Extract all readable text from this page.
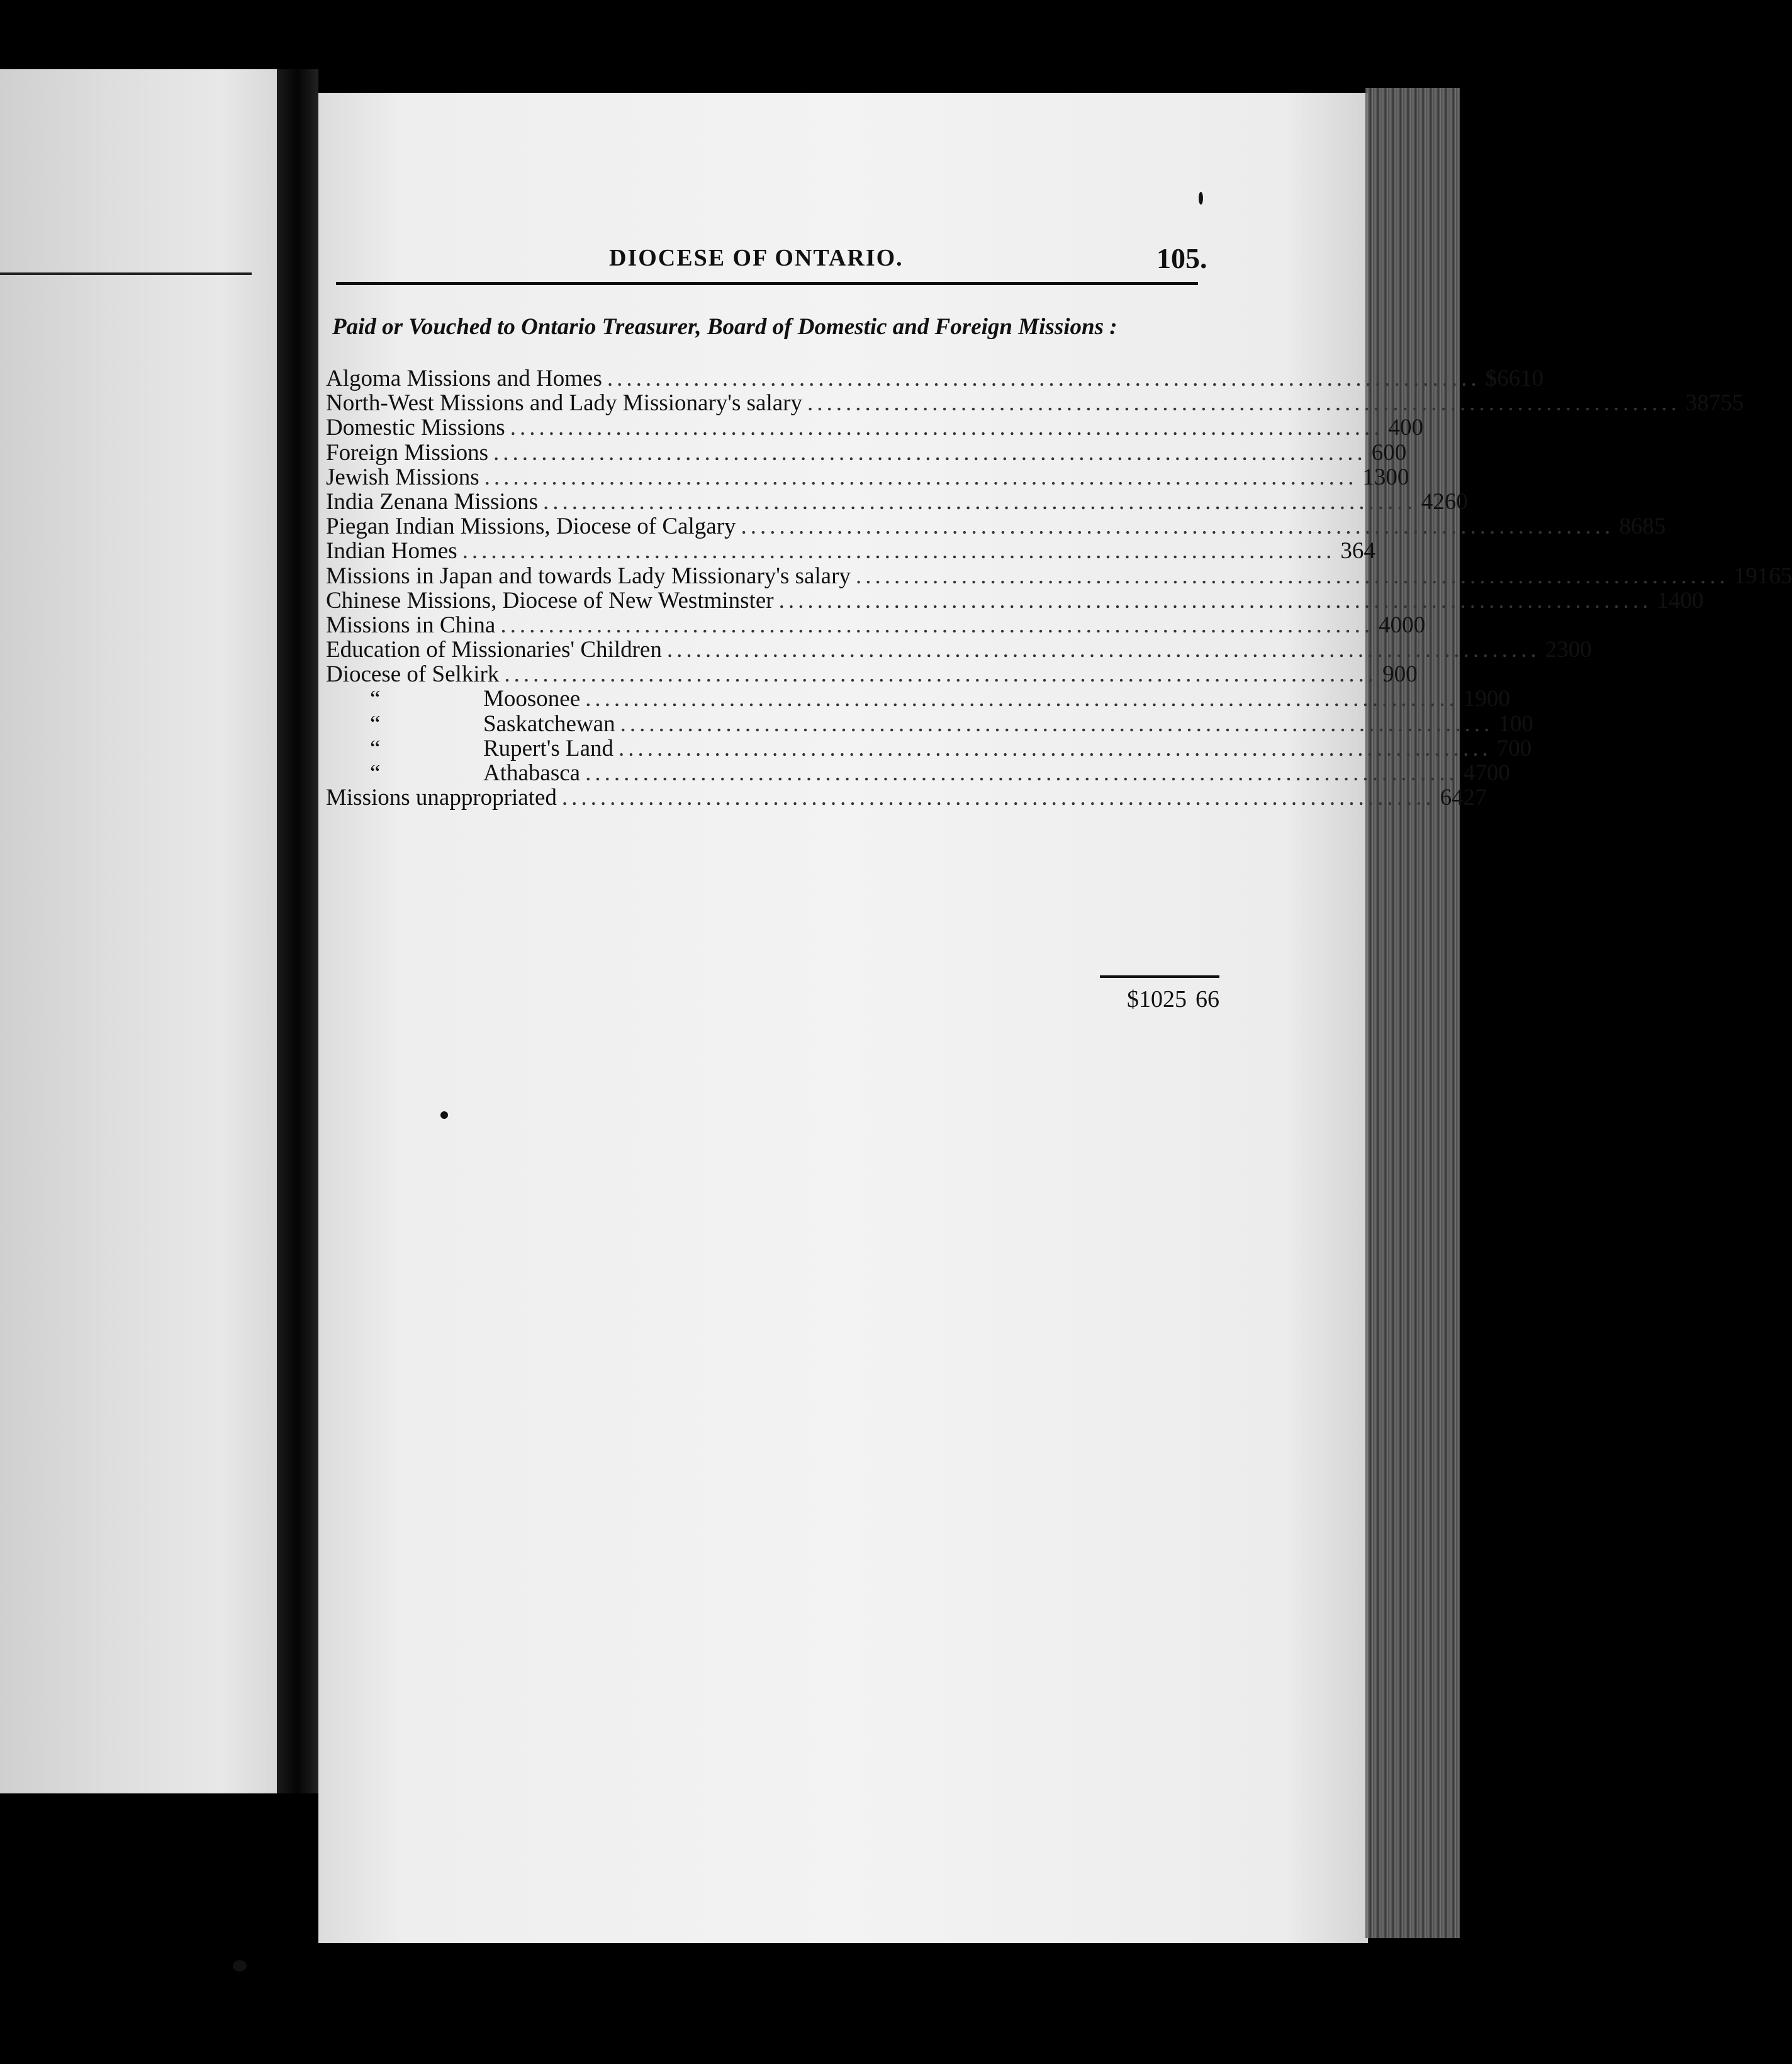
DIOCESE OF ONTARIO.	105.
Paid or Vouched to Ontario Treasurer, Board of Domestic and Foreign Missions :
Algoma Missions and Homes ........................................................................................... $ 66 10
North-West Missions and Lady Missionary's salary ........................................................................................... 387 55
Domestic Missions ........................................................................................... 4 00
Foreign Missions ........................................................................................... 6 00
Jewish Missions ........................................................................................... 13 00
India Zenana Missions ........................................................................................... 42 60
Piegan Indian Missions, Diocese of Calgary ........................................................................................... 86 85
Indian Homes ........................................................................................... 3 64
Missions in Japan and towards Lady Missionary's salary ........................................................................................... 191 65
Chinese Missions, Diocese of New Westminster ........................................................................................... 14 00
Missions in China ........................................................................................... 40 00
Education of Missionaries' Children ........................................................................................... 23 00
Diocese of Selkirk ........................................................................................... 9 00
“	Moosonee ........................................................................................... 19 00
“	Saskatchewan ........................................................................................... 1 00
“	Rupert's Land ........................................................................................... 7 00
“	Athabasca ........................................................................................... 47 00
Missions unappropriated ........................................................................................... 64 27
$1025 66
